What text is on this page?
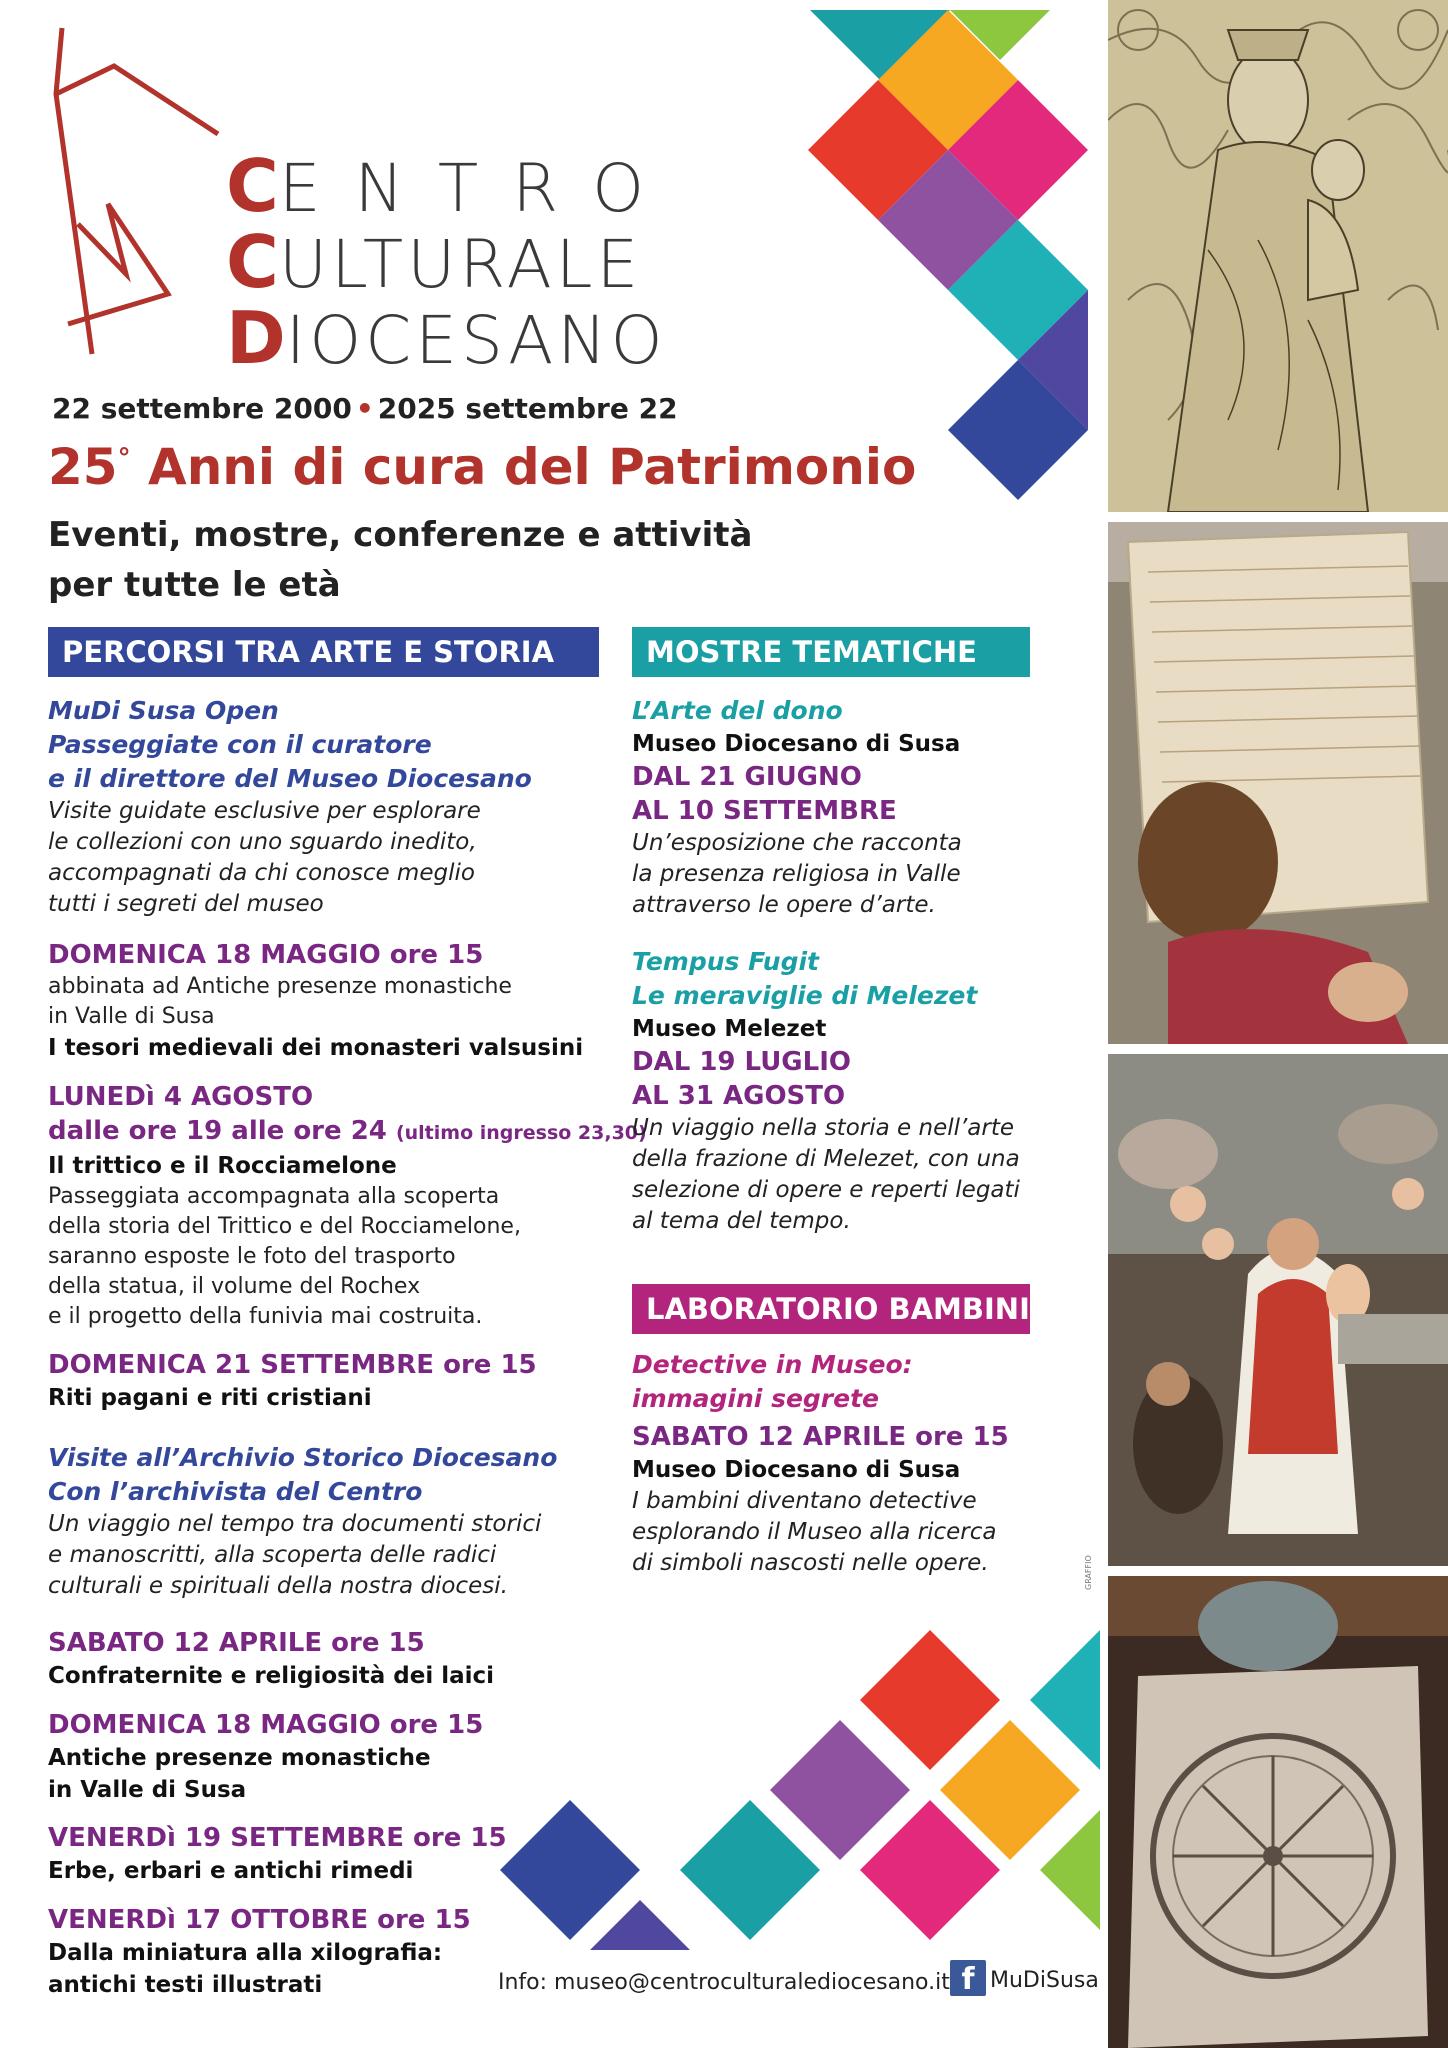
CENTRO
CULTURALE
DIOCESANO
22 settembre 2000 • 2025 settembre 22
25° Anni di cura del Patrimonio
Eventi, mostre, conferenze e attività
per tutte le età
PERCORSI TRA ARTE E STORIA
MuDi Susa Open
Passeggiate con il curatore
e il direttore del Museo Diocesano
Visite guidate esclusive per esplorare
le collezioni con uno sguardo inedito,
accompagnati da chi conosce meglio
tutti i segreti del museo
DOMENICA 18 MAGGIO ore 15
abbinata ad Antiche presenze monastiche
in Valle di Susa
I tesori medievali dei monasteri valsusini
LUNEDì 4 AGOSTO
dalle ore 19 alle ore 24 (ultimo ingresso 23,30)
Il trittico e il Rocciamelone
Passeggiata accompagnata alla scoperta
della storia del Trittico e del Rocciamelone,
saranno esposte le foto del trasporto
della statua, il volume del Rochex
e il progetto della funivia mai costruita.
DOMENICA 21 SETTEMBRE ore 15
Riti pagani e riti cristiani
Visite all’Archivio Storico Diocesano
Con l’archivista del Centro
Un viaggio nel tempo tra documenti storici
e manoscritti, alla scoperta delle radici
culturali e spirituali della nostra diocesi.
SABATO 12 APRILE ore 15
Confraternite e religiosità dei laici
DOMENICA 18 MAGGIO ore 15
Antiche presenze monastiche
in Valle di Susa
VENERDì 19 SETTEMBRE ore 15
Erbe, erbari e antichi rimedi
VENERDì 17 OTTOBRE ore 15
Dalla miniatura alla xilografia:
antichi testi illustrati
MOSTRE TEMATICHE
L’Arte del dono
Museo Diocesano di Susa
DAL 21 GIUGNO
AL 10 SETTEMBRE
Un’esposizione che racconta
la presenza religiosa in Valle
attraverso le opere d’arte.
Tempus Fugit
Le meraviglie di Melezet
Museo Melezet
DAL 19 LUGLIO
AL 31 AGOSTO
Un viaggio nella storia e nell’arte
della frazione di Melezet, con una
selezione di opere e reperti legati
al tema del tempo.
LABORATORIO BAMBINI
Detective in Museo:
immagini segrete
SABATO 12 APRILE ore 15
Museo Diocesano di Susa
I bambini diventano detective
esplorando il Museo alla ricerca
di simboli nascosti nelle opere.	GRAFFIO
Info: museo@centroculturalediocesano.it f MuDiSusa
